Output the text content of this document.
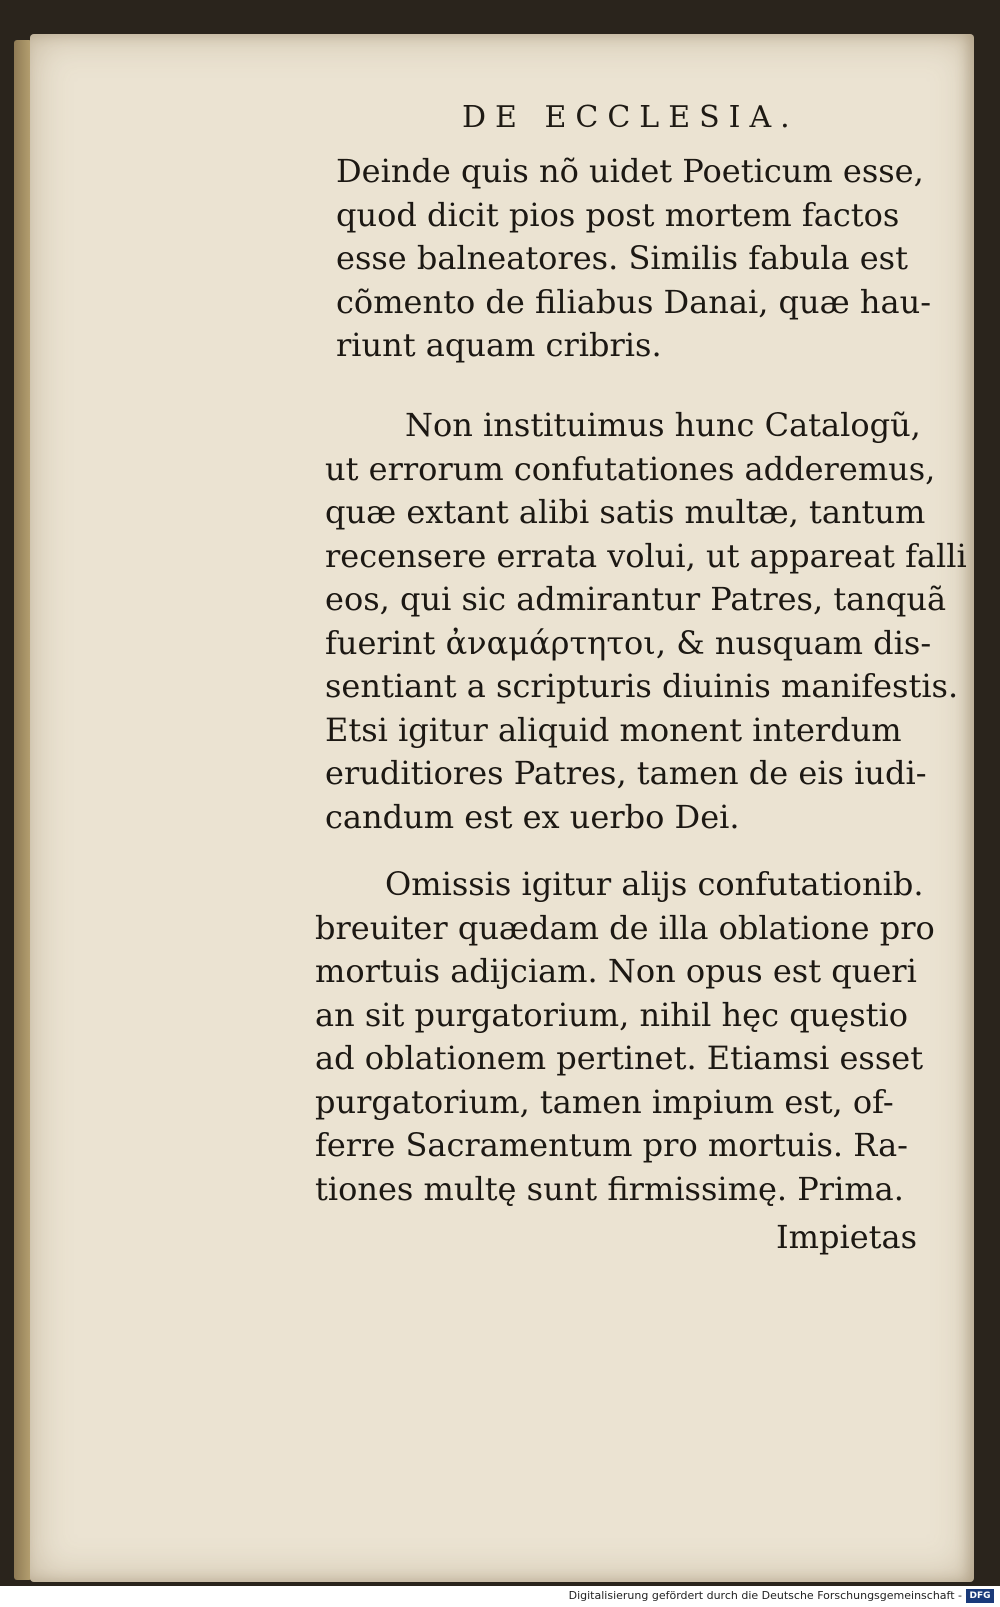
DE ECCLESIA.
Deinde quis nõ uidet Poeticum esse,
quod dicit pios post mortem factos
esse balneatores. Similis fabula est
cõmento de filiabus Danai, quæ hau-
riunt aquam cribris.
Non instituimus hunc Catalogũ,
ut errorum confutationes adderemus,
quæ extant alibi satis multæ, tantum
recensere errata volui, ut appareat falli
eos, qui sic admirantur Patres, tanquã
fuerint ἀναμάρτητοι, & nusquam dis-
sentiant a scripturis diuinis manifestis.
Etsi igitur aliquid monent interdum
eruditiores Patres, tamen de eis iudi-
candum est ex uerbo Dei.
Omissis igitur alijs confutationib.
breuiter quædam de illa oblatione pro
mortuis adijciam. Non opus est queri
an sit purgatorium, nihil hęc quęstio
ad oblationem pertinet. Etiamsi esset
purgatorium, tamen impium est, of-
ferre Sacramentum pro mortuis. Ra-
tiones multę sunt firmissimę. Prima.
Impietas
Digitalisierung gefördert durch die Deutsche Forschungsgemeinschaft - DFG
